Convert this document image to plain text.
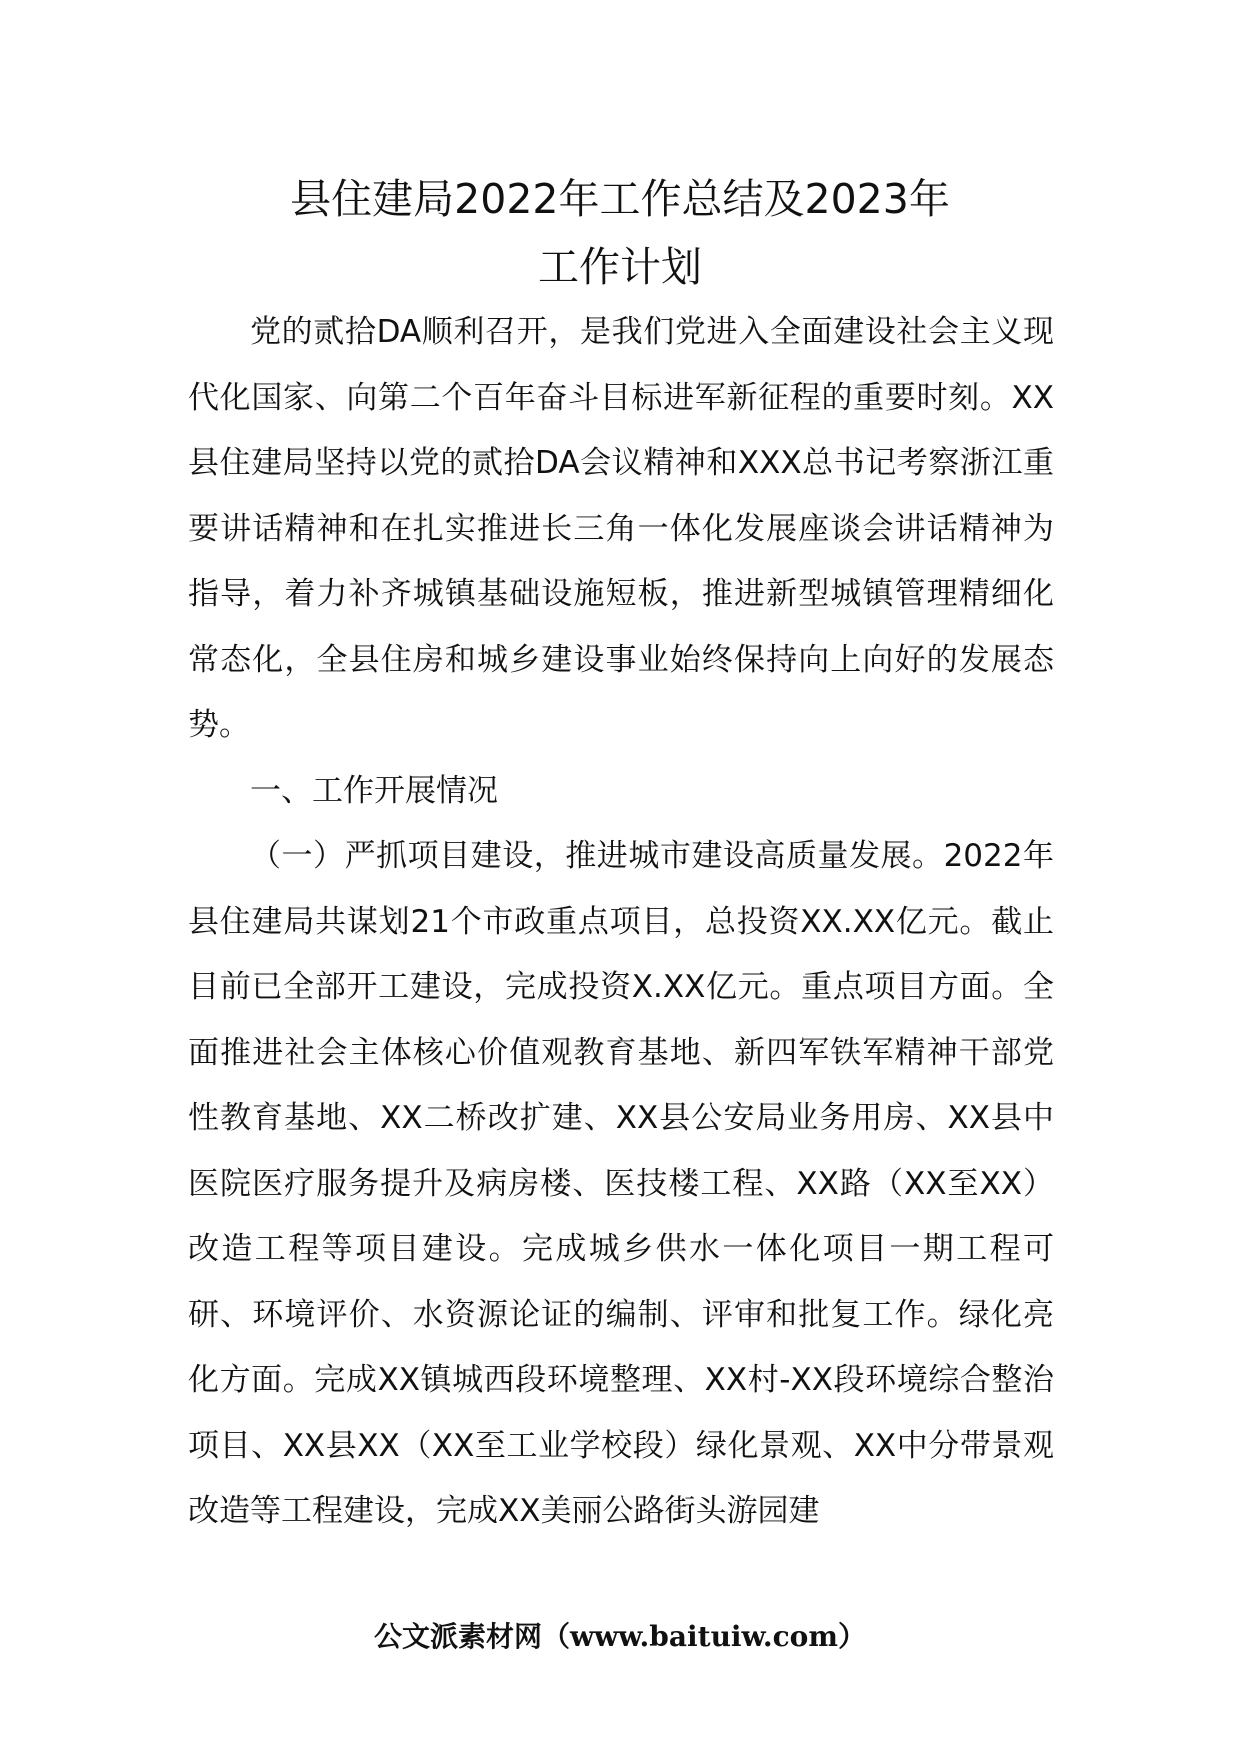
县住建局2022年工作总结及2023年
工作计划

党的贰拾DA顺利召开，是我们党进入全面建设社会主义现代化国家、向第二个百年奋斗目标进军新征程的重要时刻。XX县住建局坚持以党的贰拾DA会议精神和XXX总书记考察浙江重要讲话精神和在扎实推进长三角一体化发展座谈会讲话精神为指导，着力补齐城镇基础设施短板，推进新型城镇管理精细化常态化，全县住房和城乡建设事业始终保持向上向好的发展态势。

一、工作开展情况

（一）严抓项目建设，推进城市建设高质量发展。2022年县住建局共谋划21个市政重点项目，总投资XX.XX亿元。截止目前已全部开工建设，完成投资X.XX亿元。重点项目方面。全面推进社会主体核心价值观教育基地、新四军铁军精神干部党性教育基地、XX二桥改扩建、XX县公安局业务用房、XX县中医院医疗服务提升及病房楼、医技楼工程、XX路（XX至XX）改造工程等项目建设。完成城乡供水一体化项目一期工程可研、环境评价、水资源论证的编制、评审和批复工作。绿化亮化方面。完成XX镇城西段环境整理、XX村-XX段环境综合整治项目、XX县XX（XX至工业学校段）绿化景观、XX中分带景观改造等工程建设，完成XX美丽公路街头游园建

公文派素材网（www.baituiw.com）
